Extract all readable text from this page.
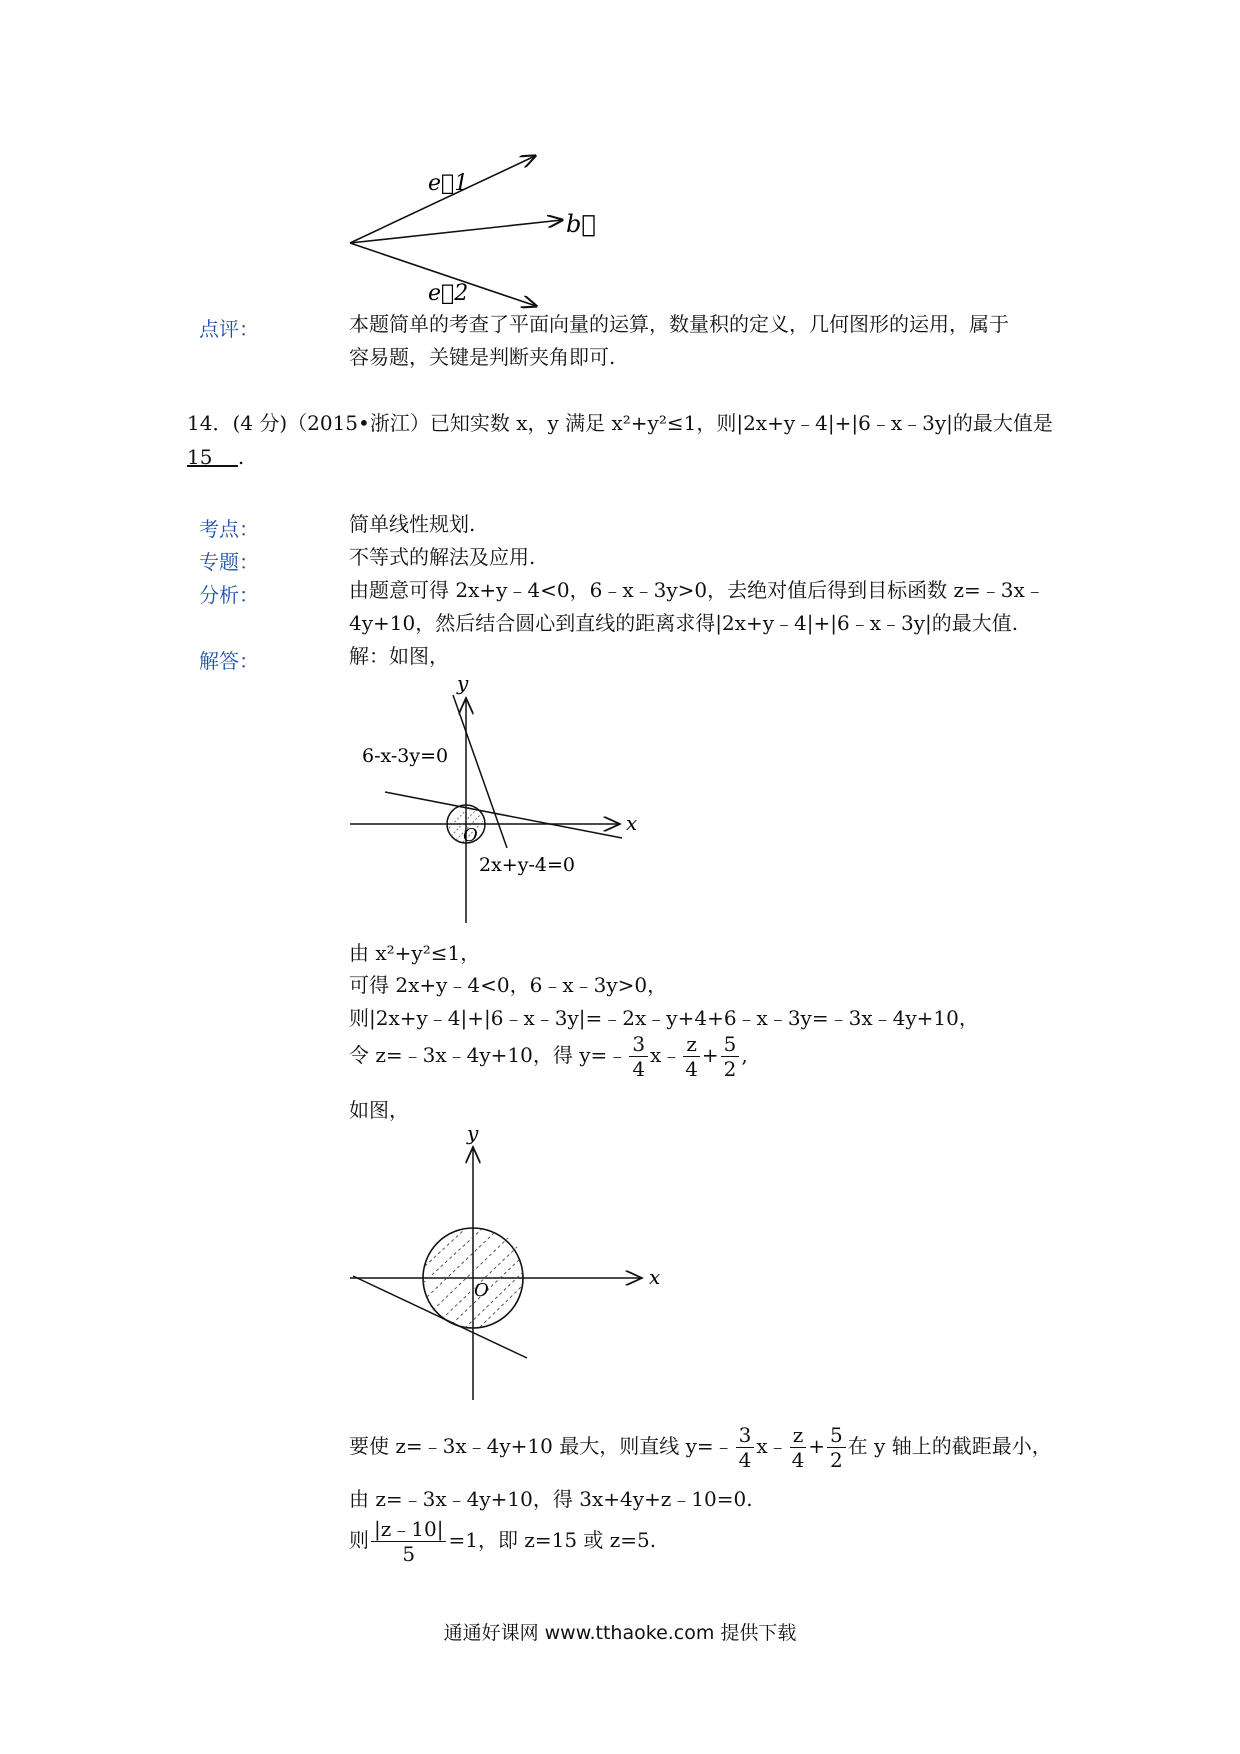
e⃗1
b⃗
e⃗2
点评：	本题简单的考查了平面向量的运算，数量积的定义，几何图形的运用，属于
容易题，关键是判断夹角即可.
14．(4 分)（2015•浙江）已知实数 x，y 满足 x²+y²≤1，则|2x+y﹣4|+|6﹣x﹣3y|的最大值是
15 .
考点：	简单线性规划.
专题：	不等式的解法及应用.
分析：	由题意可得 2x+y﹣4<0，6﹣x﹣3y>0，去绝对值后得到目标函数 z=﹣3x﹣
4y+10，然后结合圆心到直线的距离求得|2x+y﹣4|+|6﹣x﹣3y|的最大值.
解答：	解：如图，
y
x
O
6-x-3y=0
2x+y-4=0
由 x²+y²≤1，
可得 2x+y﹣4<0，6﹣x﹣3y>0，
则|2x+y﹣4|+|6﹣x﹣3y|=﹣2x﹣y+4+6﹣x﹣3y=﹣3x﹣4y+10，
令 z=﹣3x﹣4y+10，得 y=﹣ $\frac{3}{4}$ x﹣ $\frac{z}{4} + \frac{5}{2}$ ,
如图，
y
x
O
要使 z=﹣3x﹣4y+10 最大，则直线 y=﹣ $\frac{3}{4}$ x﹣ $\frac{z}{4} + \frac{5}{2}$ 在 y 轴上的截距最小，
由 z=﹣3x﹣4y+10，得 3x+4y+z﹣10=0.
则 $\frac{|z﹣10|}{5} =1$，即 z=15 或 z=5.
通通好课网 www.tthaoke.com 提供下载
